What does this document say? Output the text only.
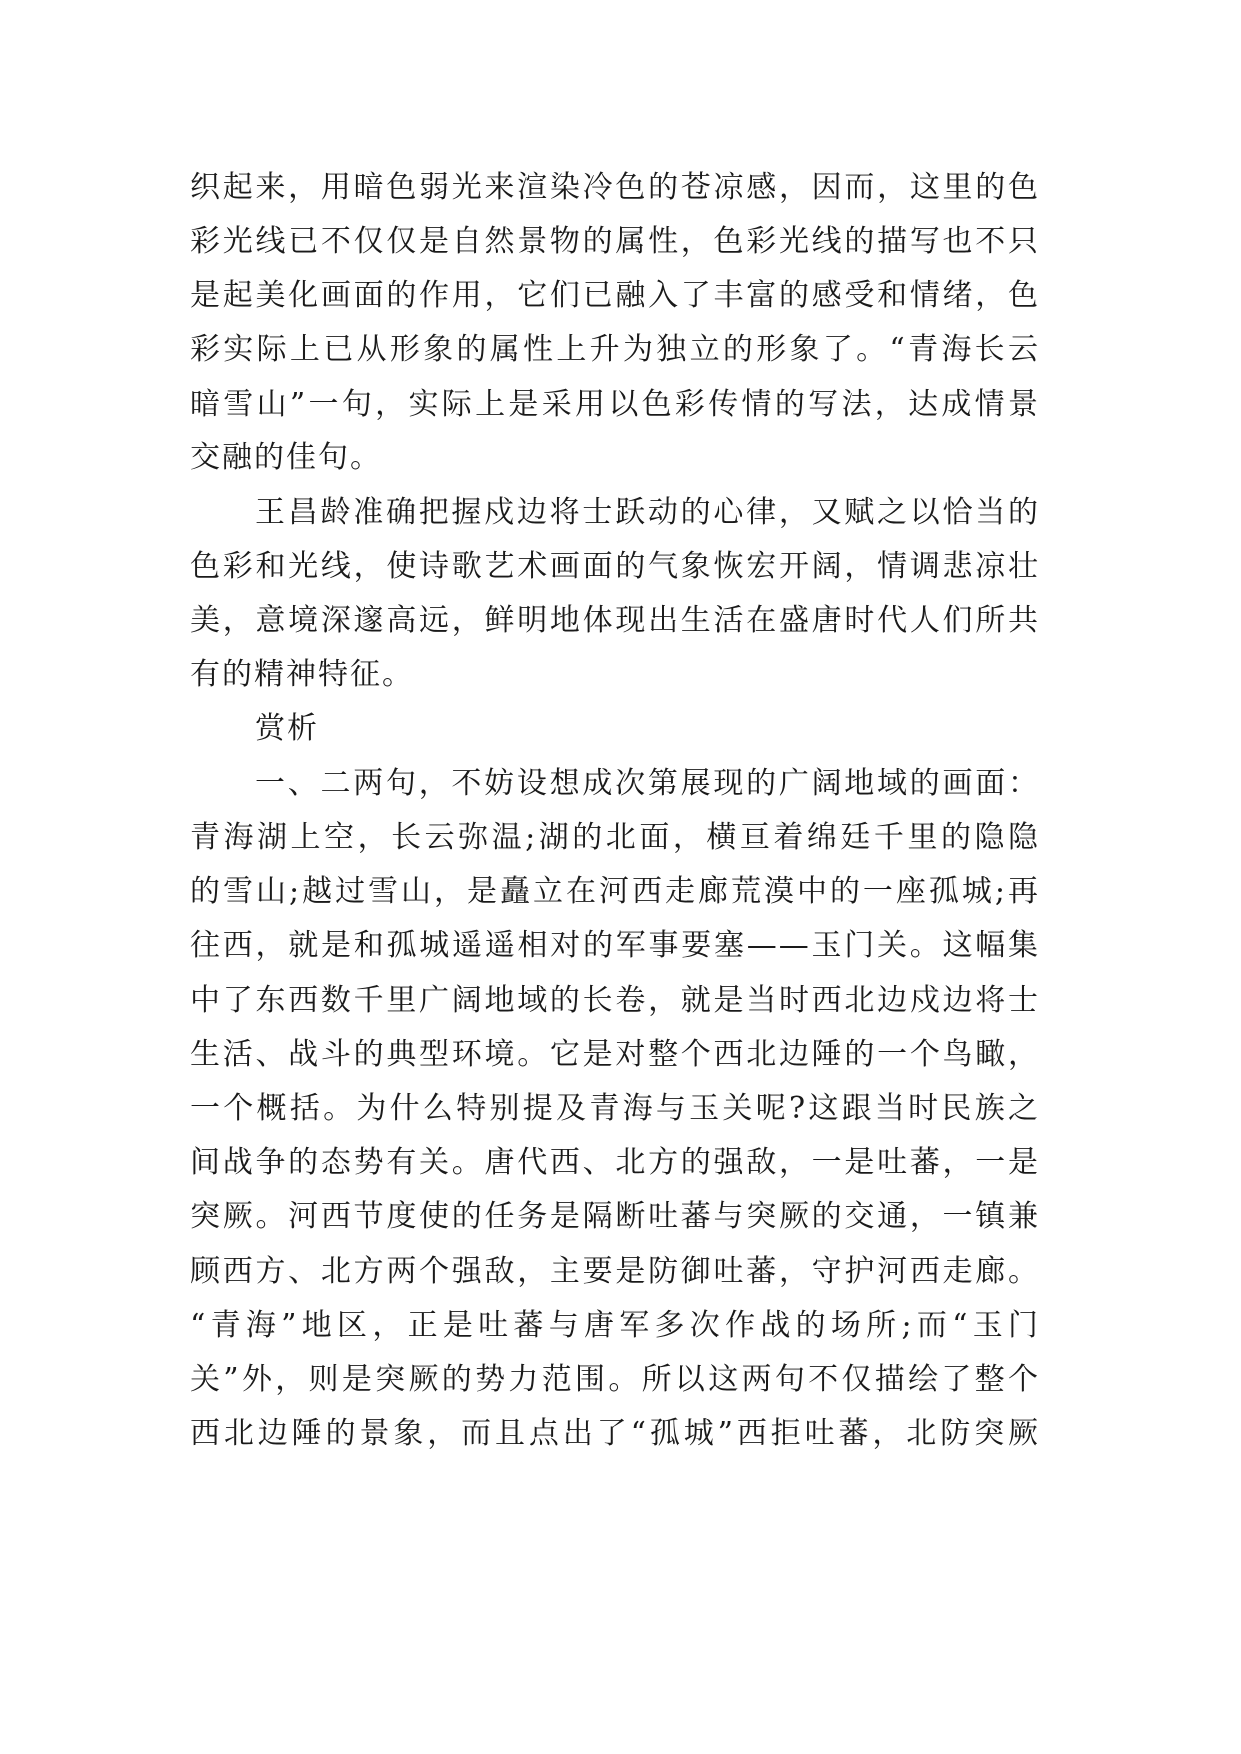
织起来，用暗色弱光来渲染冷色的苍凉感，因而，这里的色
彩光线已不仅仅是自然景物的属性，色彩光线的描写也不只
是起美化画面的作用，它们已融入了丰富的感受和情绪，色
彩实际上已从形象的属性上升为独立的形象了。“青海长云
暗雪山”一句，实际上是采用以色彩传情的写法，达成情景
交融的佳句。
王昌龄准确把握戍边将士跃动的心律，又赋之以恰当的
色彩和光线，使诗歌艺术画面的气象恢宏开阔，情调悲凉壮
美，意境深邃高远，鲜明地体现出生活在盛唐时代人们所共
有的精神特征。
赏析
一、二两句，不妨设想成次第展现的广阔地域的画面：
青海湖上空，长云弥温;湖的北面，横亘着绵廷千里的隐隐
的雪山;越过雪山，是矗立在河西走廊荒漠中的一座孤城;再
往西，就是和孤城遥遥相对的军事要塞——玉门关。这幅集
中了东西数千里广阔地域的长卷，就是当时西北边戍边将士
生活、战斗的典型环境。它是对整个西北边陲的一个鸟瞰，
一个概括。为什么特别提及青海与玉关呢?这跟当时民族之
间战争的态势有关。唐代西、北方的强敌，一是吐蕃，一是
突厥。河西节度使的任务是隔断吐蕃与突厥的交通，一镇兼
顾西方、北方两个强敌，主要是防御吐蕃，守护河西走廊。
“青海”地区，正是吐蕃与唐军多次作战的场所;而“玉门
关”外，则是突厥的势力范围。所以这两句不仅描绘了整个
西北边陲的景象，而且点出了“孤城”西拒吐蕃，北防突厥
